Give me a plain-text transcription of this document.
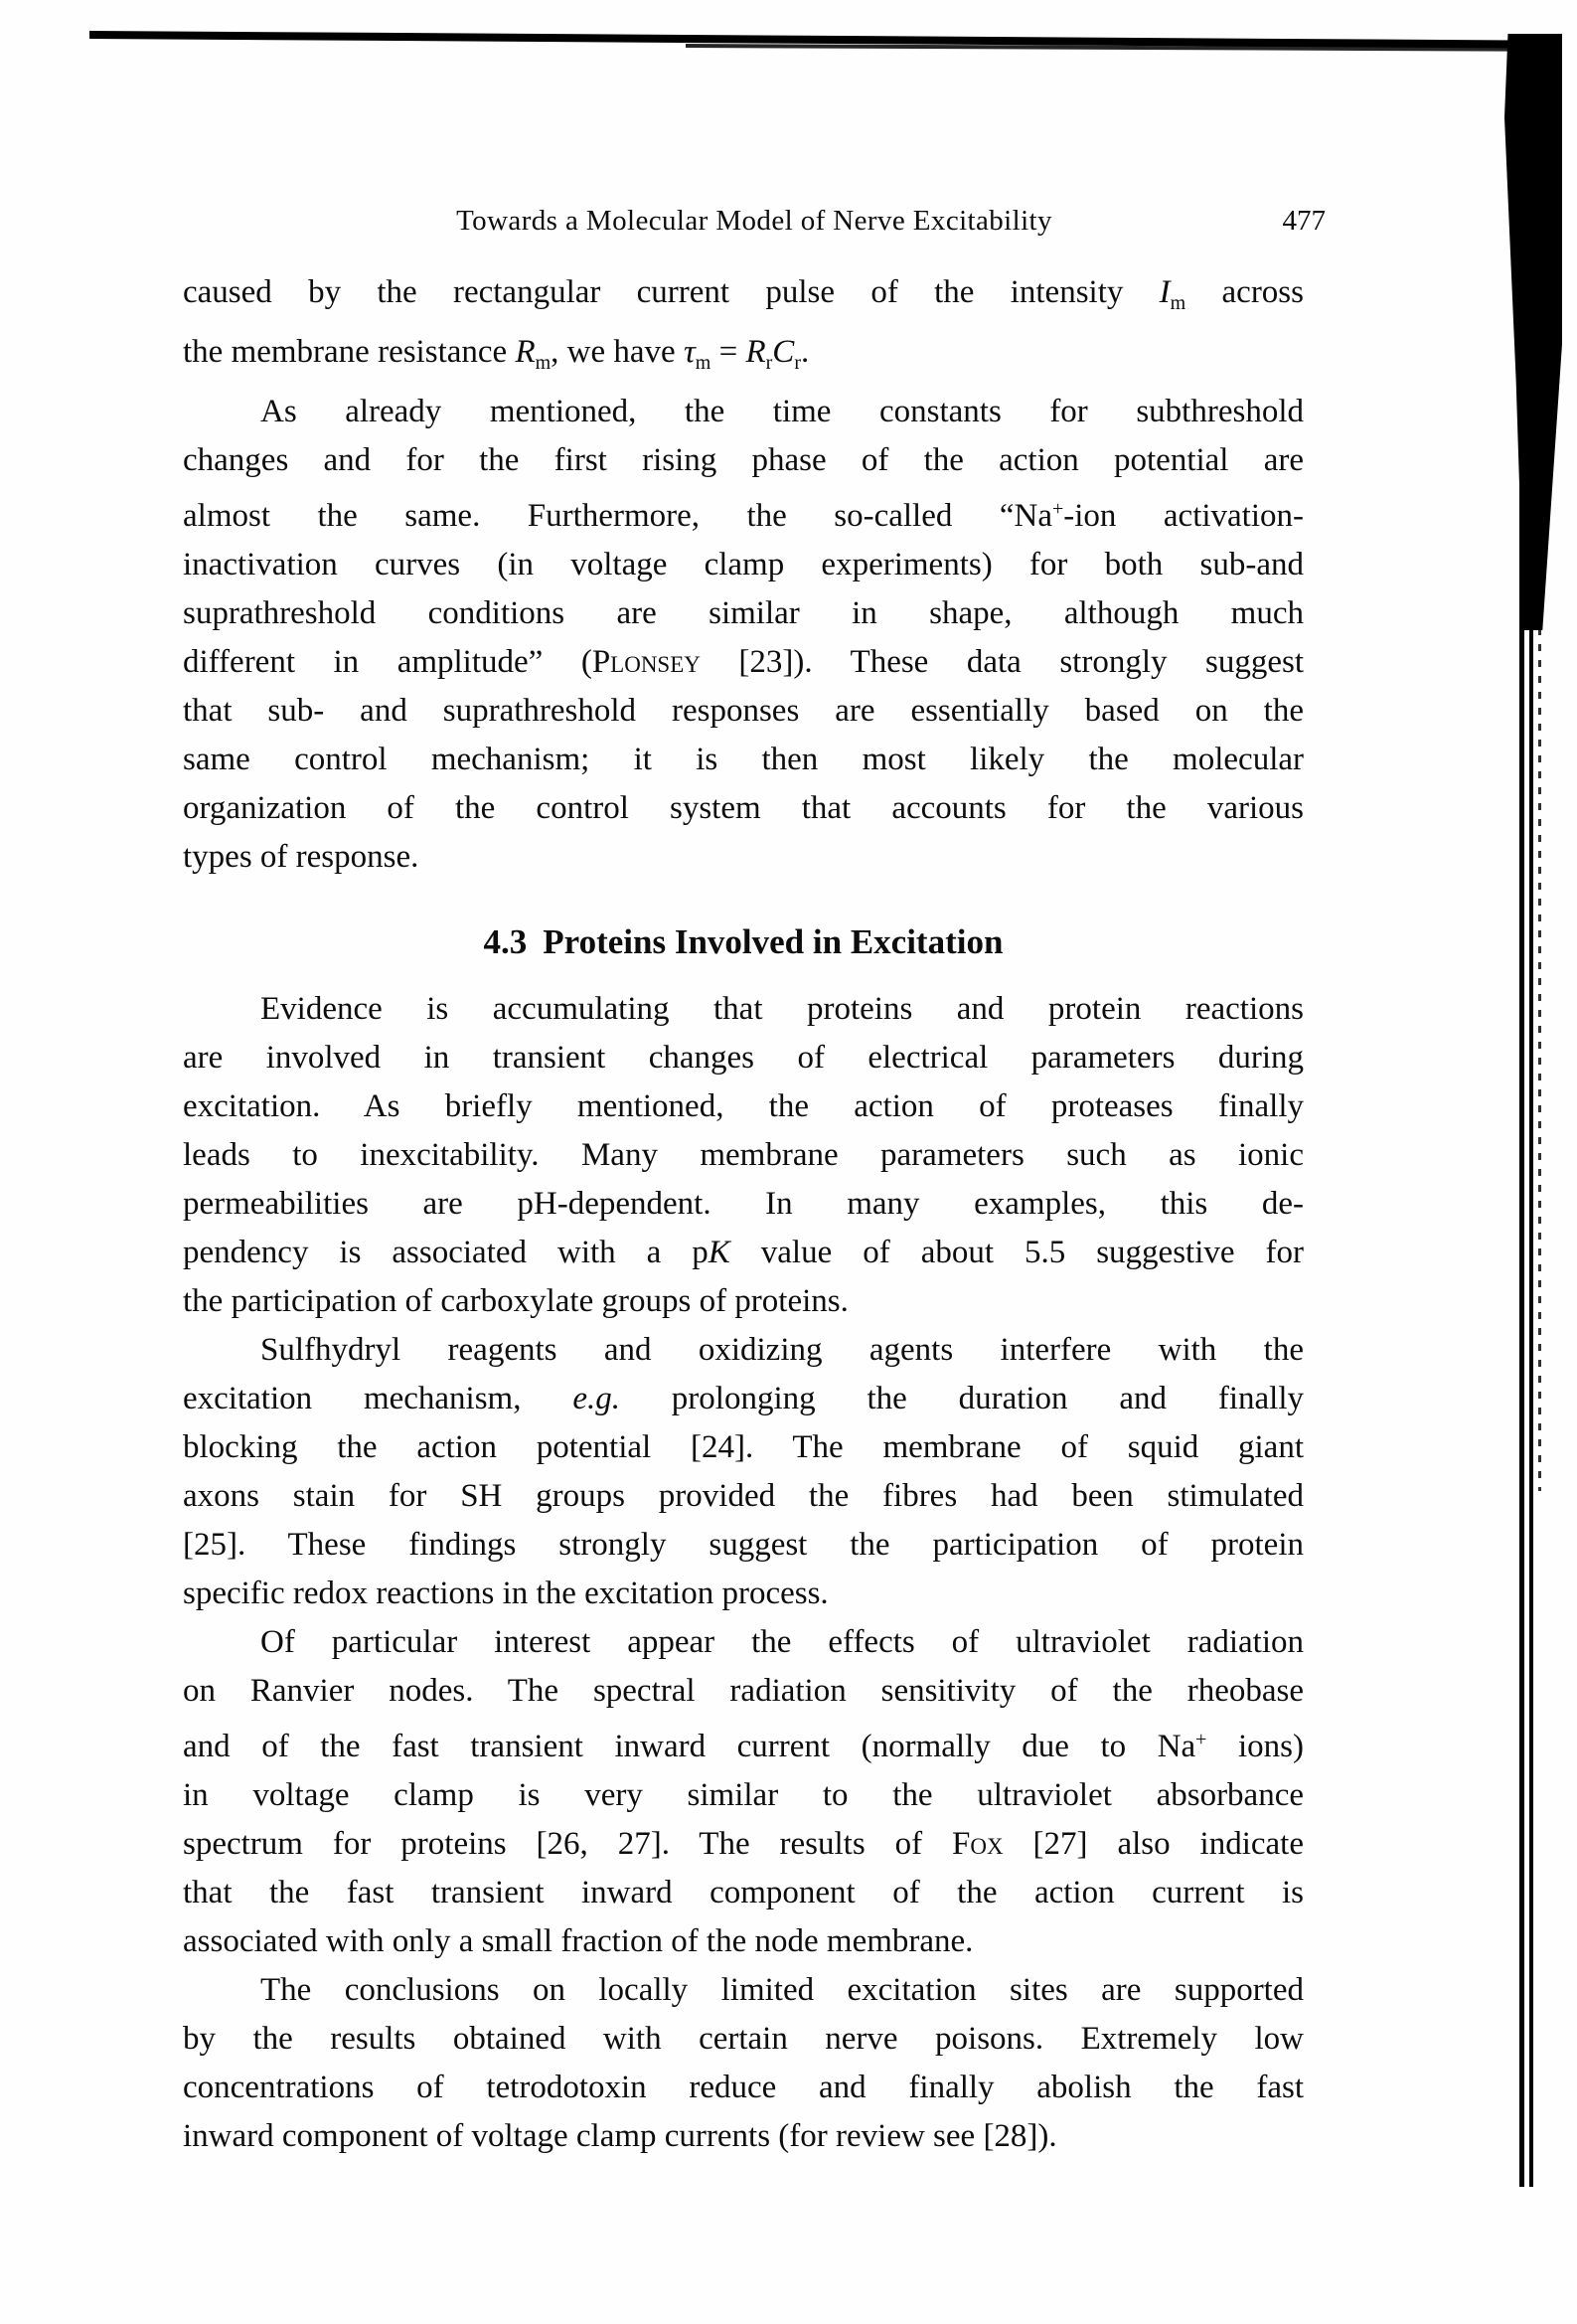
Towards a Molecular Model of Nerve Excitability	477
caused by the rectangular current pulse of the intensity $I_m$ across
the membrane resistance $R_m$, we have $\tau_m = R_rC_r$.
As already mentioned, the time constants for subthreshold
changes and for the first rising phase of the action potential are
almost the same. Furthermore, the so-called “Na+-ion activation-
inactivation curves (in voltage clamp experiments) for both sub-and
suprathreshold conditions are similar in shape, although much
different in amplitude” (Plonsey [23]). These data strongly suggest
that sub- and suprathreshold responses are essentially based on the
same control mechanism; it is then most likely the molecular
organization of the control system that accounts for the various
types of response.
4.3 Proteins Involved in Excitation
Evidence is accumulating that proteins and protein reactions
are involved in transient changes of electrical parameters during
excitation. As briefly mentioned, the action of proteases finally
leads to inexcitability. Many membrane parameters such as ionic
permeabilities are pH-dependent. In many examples, this de-
pendency is associated with a pK value of about 5.5 suggestive for
the participation of carboxylate groups of proteins.
Sulfhydryl reagents and oxidizing agents interfere with the
excitation mechanism, e.g. prolonging the duration and finally
blocking the action potential [24]. The membrane of squid giant
axons stain for SH groups provided the fibres had been stimulated
[25]. These findings strongly suggest the participation of protein
specific redox reactions in the excitation process.
Of particular interest appear the effects of ultraviolet radiation
on Ranvier nodes. The spectral radiation sensitivity of the rheobase
and of the fast transient inward current (normally due to Na+ ions)
in voltage clamp is very similar to the ultraviolet absorbance
spectrum for proteins [26, 27]. The results of Fox [27] also indicate
that the fast transient inward component of the action current is
associated with only a small fraction of the node membrane.
The conclusions on locally limited excitation sites are supported
by the results obtained with certain nerve poisons. Extremely low
concentrations of tetrodotoxin reduce and finally abolish the fast
inward component of voltage clamp currents (for review see [28]).
